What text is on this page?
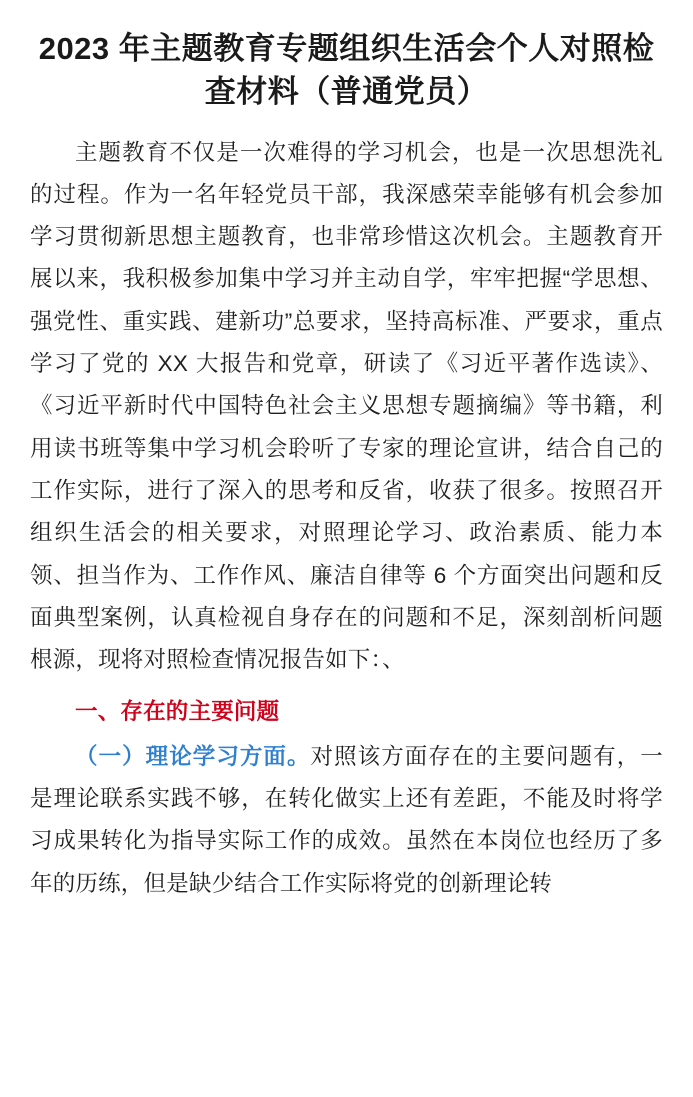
2023 年主题教育专题组织生活会个人对照检查材料（普通党员）

主题教育不仅是一次难得的学习机会，也是一次思想洗礼的过程。作为一名年轻党员干部，我深感荣幸能够有机会参加学习贯彻新思想主题教育，也非常珍惜这次机会。主题教育开展以来，我积极参加集中学习并主动自学，牢牢把握“学思想、强党性、重实践、建新功”总要求，坚持高标准、严要求，重点学习了党的 XX 大报告和党章，研读了《习近平著作选读》、《习近平新时代中国特色社会主义思想专题摘编》等书籍，利用读书班等集中学习机会聆听了专家的理论宣讲，结合自己的工作实际，进行了深入的思考和反省，收获了很多。按照召开组织生活会的相关要求，对照理论学习、政治素质、能力本领、担当作为、工作作风、廉洁自律等 6 个方面突出问题和反面典型案例，认真检视自身存在的问题和不足，深刻剖析问题根源，现将对照检查情况报告如下：、

一、存在的主要问题

（一）理论学习方面。对照该方面存在的主要问题有，一是理论联系实践不够，在转化做实上还有差距，不能及时将学习成果转化为指导实际工作的成效。虽然在本岗位也经历了多年的历练，但是缺少结合工作实际将党的创新理论转
